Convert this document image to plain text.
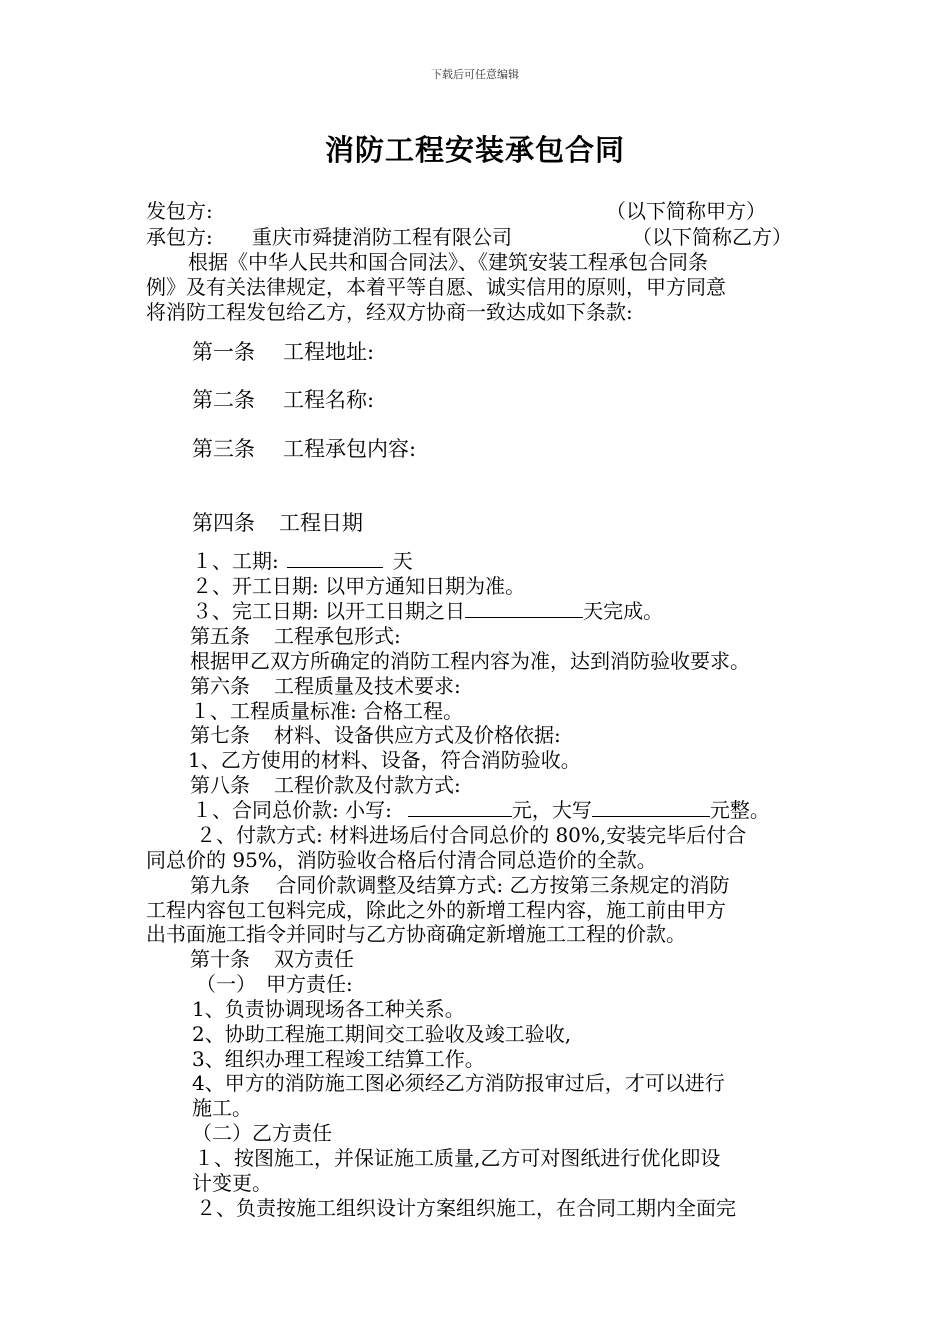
下载后可任意编辑
消防工程安装承包合同
发包方:	（以下简称甲方）
承包方: 重庆市舜捷消防工程有限公司	（以下简称乙方）
根据《中华人民共和国合同法》、《建筑安装工程承包合同条
例》及有关法律规定，本着平等自愿、诚实信用的原则，甲方同意
将消防工程发包给乙方，经双方协商一致达成如下条款:
第一条 工程地址:
第二条 工程名称:
第三条 工程承包内容:
第四条 工程日期
１、工期:	天
２、开工日期: 以甲方通知日期为准。
３、完工日期: 以开工日期之日	天完成。
第五条 工程承包形式:
根据甲乙双方所确定的消防工程内容为准，达到消防验收要求。
第六条 工程质量及技术要求:
１、工程质量标准: 合格工程。
第七条 材料、设备供应方式及价格依据:
1、乙方使用的材料、设备，符合消防验收。
第八条 工程价款及付款方式:
１、合同总价款: 小写:	元，大写	元整。
２、付款方式: 材料进场后付合同总价的 80%,安装完毕后付合
同总价的 95%，消防验收合格后付清合同总造价的全款。
第九条　 合同价款调整及结算方式: 乙方按第三条规定的消防
工程内容包工包料完成，除此之外的新增工程内容，施工前由甲方
出书面施工指令并同时与乙方协商确定新增施工工程的价款。
第十条 双方责任
（一）　甲方责任:
1、负责协调现场各工种关系。
2、协助工程施工期间交工验收及竣工验收,
3、组织办理工程竣工结算工作。
4、甲方的消防施工图必须经乙方消防报审过后，才可以进行
施工。
（二）乙方责任
１、按图施工，并保证施工质量,乙方可对图纸进行优化即设
计变更。
２、负责按施工组织设计方案组织施工，在合同工期内全面完
